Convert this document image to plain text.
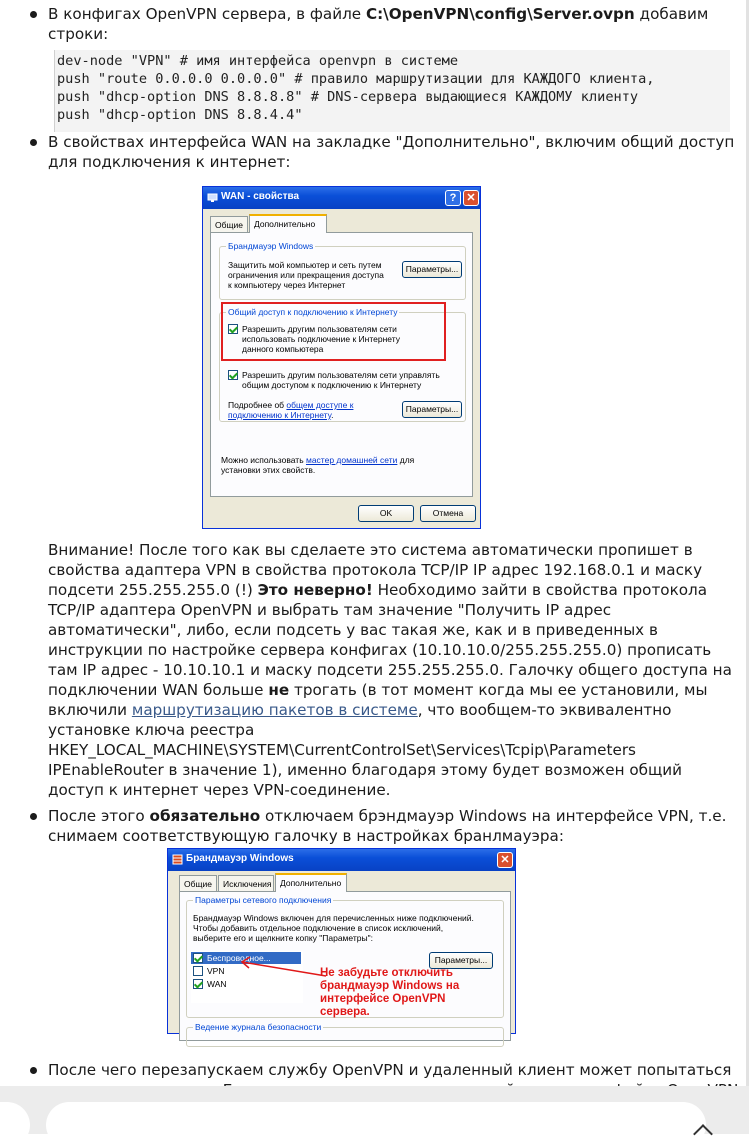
В конфигах OpenVPN сервера, в файле C:\OpenVPN\config\Server.ovpn добавим строки:

dev-node "VPN" # имя интерфейса openvpn в системе
push "route 0.0.0.0 0.0.0.0" # правило маршрутизации для КАЖДОГО клиента,
push "dhcp-option DNS 8.8.8.8" # DNS-сервера выдающиеся КАЖДОМУ клиенту
push "dhcp-option DNS 8.8.4.4"

В свойствах интерфейса WAN на закладке "Дополнительно", включим общий доступ для подключения к интернет:

WAN - свойства	? ✕
Общие	Дополнительно
Брандмауэр Windows
Защитить мой компьютер и сеть путем ограничения или прекращения доступа к компьютеру через Интернет
Параметры...
Общий доступ к подключению к Интернету
Разрешить другим пользователям сети использовать подключение к Интернету данного компьютера
Разрешить другим пользователям сети управлять общим доступом к подключению к Интернету
Подробнее об общем доступе к подключению к Интернету.
Параметры...
Можно использовать мастер домашней сети для установки этих свойств.
OK	Отмена

Внимание! После того как вы сделаете это система автоматически пропишет в свойства адаптера VPN в свойства протокола TCP/IP IP адрес 192.168.0.1 и маску подсети 255.255.255.0 (!) Это неверно! Необходимо зайти в свойства протокола TCP/IP адаптера OpenVPN и выбрать там значение "Получить IP адрес автоматически", либо, если подсеть у вас такая же, как и в приведенных в инструкции по настройке сервера конфигах (10.10.10.0/255.255.255.0) прописать там IP адрес - 10.10.10.1 и маску подсети 255.255.255.0. Галочку общего доступа на подключении WAN больше не трогать (в тот момент когда мы ее установили, мы включили маршрутизацию пакетов в системе, что вообщем-то эквивалентно установке ключа реестра HKEY_LOCAL_MACHINE\SYSTEM\CurrentControlSet\Services\Tcpip\Parameters IPEnableRouter в значение 1), именно благодаря этому будет возможен общий доступ к интернет через VPN-соединение.

После этого обязательно отключаем брэндмауэр Windows на интерфейсе VPN, т.е. снимаем соответствующую галочку в настройках бранлмауэра:

Брандмауэр Windows	✕
Общие	Исключения Дополнительно
Параметры сетевого подключения
Брандмауэр Windows включен для перечисленных ниже подключений. Чтобы добавить отдельное подключение в список исключений, выберите его и щелкните копку "Параметры":
Беспроводное...
VPN
WAN
Параметры...
Ведение журнала безопасности
Не забудьте отключить брандмауэр Windows на интерфейсе OpenVPN сервера.

После чего перезапускаем службу OpenVPN и удаленный клиент может попытаться
